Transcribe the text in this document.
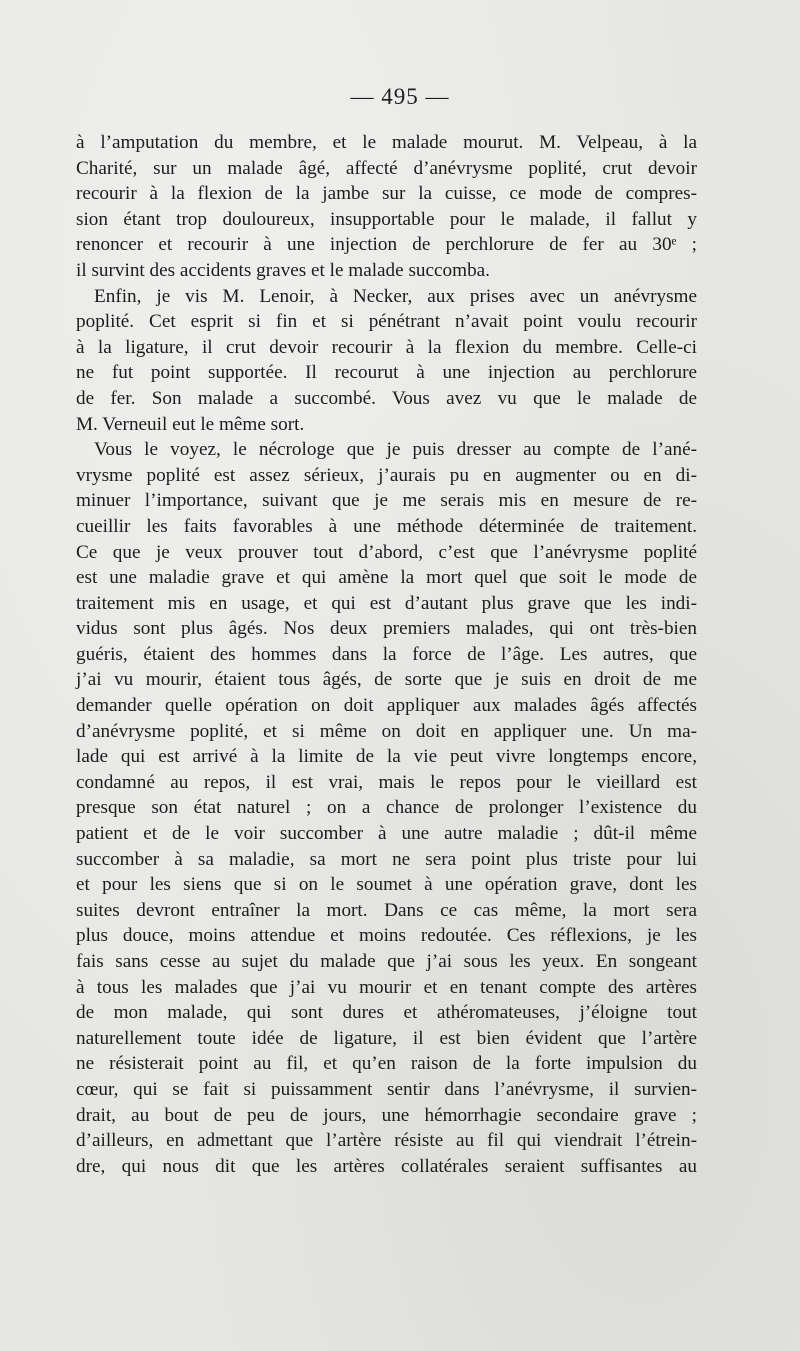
— 495 —

à l’amputation du membre, et le malade mourut. M. Velpeau, à la

Charité, sur un malade âgé, affecté d’anévrysme poplité, crut devoir

recourir à la flexion de la jambe sur la cuisse, ce mode de compres-

sion étant trop douloureux, insupportable pour le malade, il fallut y

renoncer et recourir à une injection de perchlorure de fer au 30ᵉ ;

il survint des accidents graves et le malade succomba.

Enfin, je vis M. Lenoir, à Necker, aux prises avec un anévrysme

poplité. Cet esprit si fin et si pénétrant n’avait point voulu recourir

à la ligature, il crut devoir recourir à la flexion du membre. Celle-ci

ne fut point supportée. Il recourut à une injection au perchlorure

de fer. Son malade a succombé. Vous avez vu que le malade de

M. Verneuil eut le même sort.

Vous le voyez, le nécrologe que je puis dresser au compte de l’ané-

vrysme poplité est assez sérieux, j’aurais pu en augmenter ou en di-

minuer l’importance, suivant que je me serais mis en mesure de re-

cueillir les faits favorables à une méthode déterminée de traitement.

Ce que je veux prouver tout d’abord, c’est que l’anévrysme poplité

est une maladie grave et qui amène la mort quel que soit le mode de

traitement mis en usage, et qui est d’autant plus grave que les indi-

vidus sont plus âgés. Nos deux premiers malades, qui ont très-bien

guéris, étaient des hommes dans la force de l’âge. Les autres, que

j’ai vu mourir, étaient tous âgés, de sorte que je suis en droit de me

demander quelle opération on doit appliquer aux malades âgés affectés

d’anévrysme poplité, et si même on doit en appliquer une. Un ma-

lade qui est arrivé à la limite de la vie peut vivre longtemps encore,

condamné au repos, il est vrai, mais le repos pour le vieillard est

presque son état naturel ; on a chance de prolonger l’existence du

patient et de le voir succomber à une autre maladie ; dût-il même

succomber à sa maladie, sa mort ne sera point plus triste pour lui

et pour les siens que si on le soumet à une opération grave, dont les

suites devront entraîner la mort. Dans ce cas même, la mort sera

plus douce, moins attendue et moins redoutée. Ces réflexions, je les

fais sans cesse au sujet du malade que j’ai sous les yeux. En songeant

à tous les malades que j’ai vu mourir et en tenant compte des artères

de mon malade, qui sont dures et athéromateuses, j’éloigne tout

naturellement toute idée de ligature, il est bien évident que l’artère

ne résisterait point au fil, et qu’en raison de la forte impulsion du

cœur, qui se fait si puissamment sentir dans l’anévrysme, il survien-

drait, au bout de peu de jours, une hémorrhagie secondaire grave ;

d’ailleurs, en admettant que l’artère résiste au fil qui viendrait l’étrein-

dre, qui nous dit que les artères collatérales seraient suffisantes au
